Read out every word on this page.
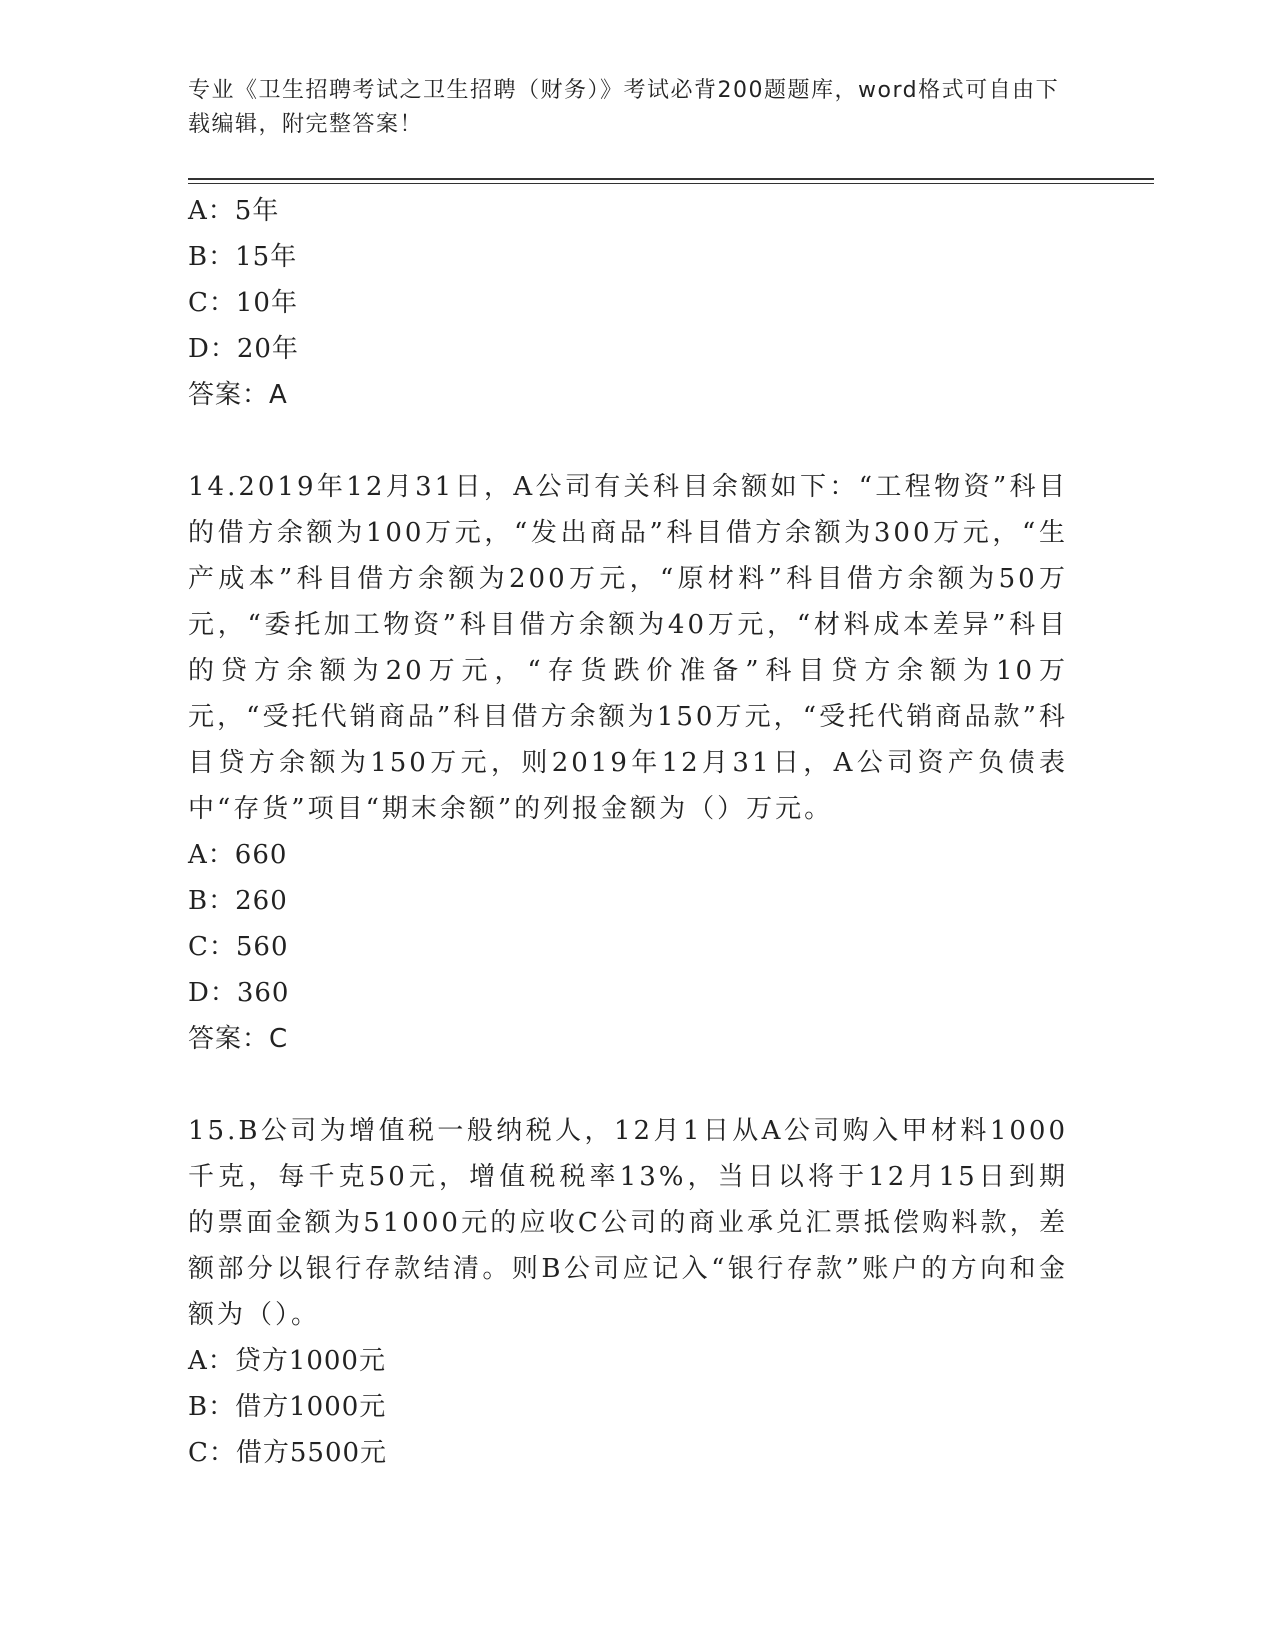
专业《卫生招聘考试之卫生招聘（财务）》考试必背200题题库，word格式可自由下载编辑，附完整答案！
A：5年
B：15年
C：10年
D：20年
答案：A
14.2019年12月31日，A公司有关科目余额如下：“工程物资”科目的借方余额为100万元，“发出商品”科目借方余额为300万元，“生产成本”科目借方余额为200万元，“原材料”科目借方余额为50万元，“委托加工物资”科目借方余额为40万元，“材料成本差异”科目的贷方余额为20万元，“存货跌价准备”科目贷方余额为10万元，“受托代销商品”科目借方余额为150万元，“受托代销商品款”科目贷方余额为150万元，则2019年12月31日，A公司资产负债表中“存货”项目“期末余额”的列报金额为（）万元。
A：660
B：260
C：560
D：360
答案：C
15.B公司为增值税一般纳税人，12月1日从A公司购入甲材料1000千克，每千克50元，增值税税率13%，当日以将于12月15日到期的票面金额为51000元的应收C公司的商业承兑汇票抵偿购料款，差额部分以银行存款结清。则B公司应记入“银行存款”账户的方向和金额为（）。
A：贷方1000元
B：借方1000元
C：借方5500元
